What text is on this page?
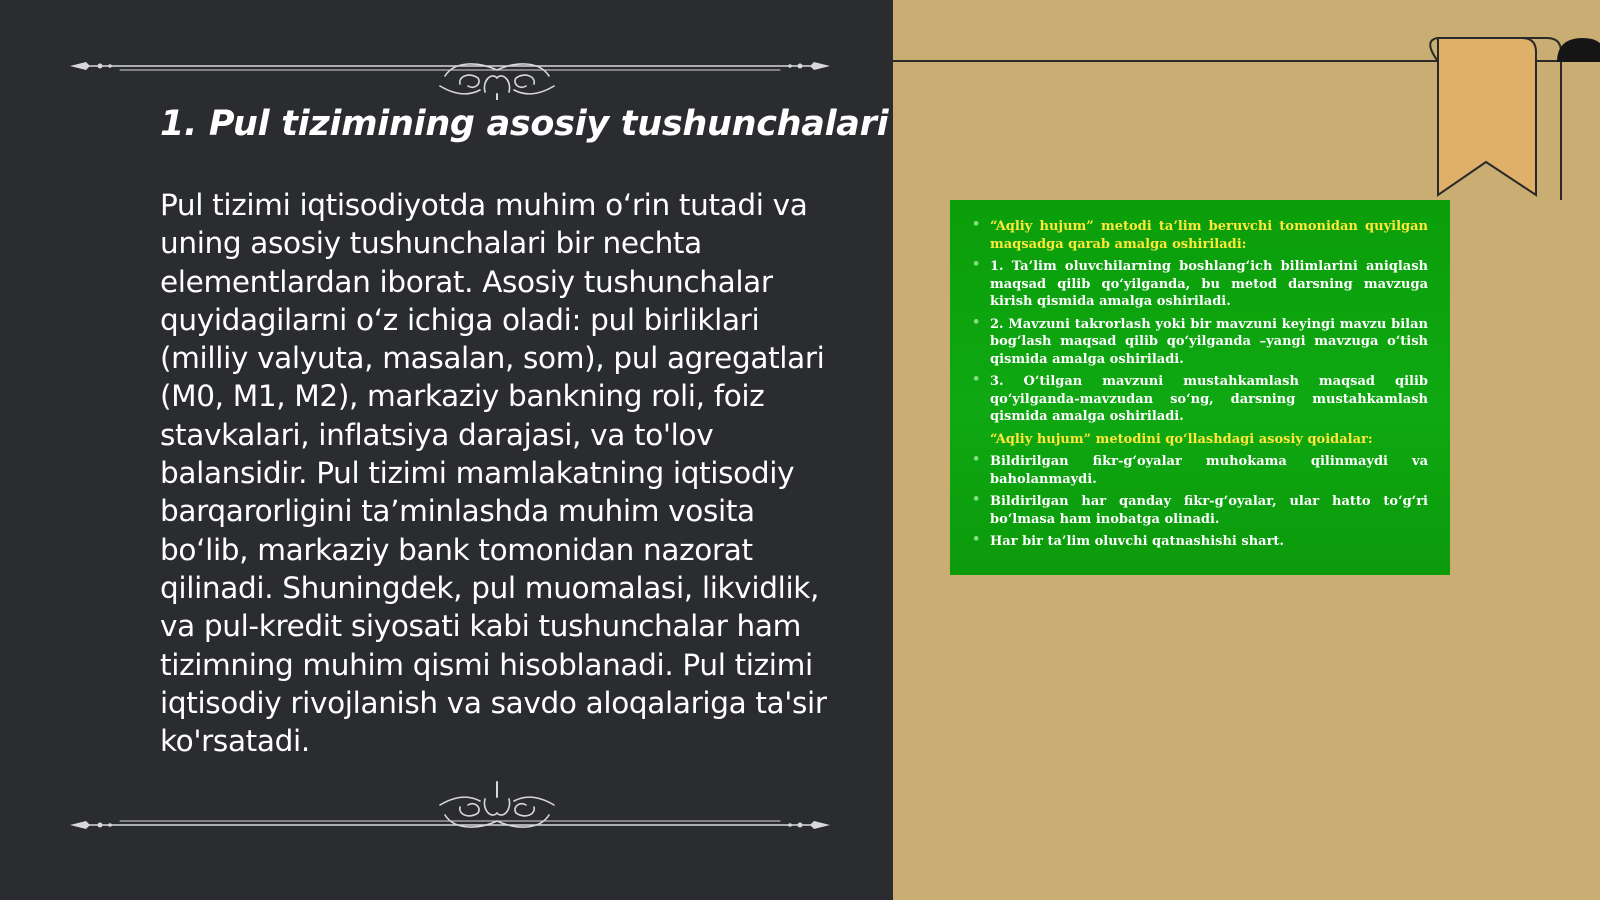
1. Pul tizimining asosiy tushunchalari

Pul tizimi iqtisodiyotda muhim o‘rin tutadi va uning asosiy tushunchalari bir nechta elementlardan iborat. Asosiy tushunchalar quyidagilarni o‘z ichiga oladi: pul birliklari (milliy valyuta, masalan, som), pul agregatlari (M0, M1, M2), markaziy bankning roli, foiz stavkalari, inflatsiya darajasi, va to'lov balansidir. Pul tizimi mamlakatning iqtisodiy barqarorligini ta’minlashda muhim vosita bo‘lib, markaziy bank tomonidan nazorat qilinadi. Shuningdek, pul muomalasi, likvidlik, va pul-kredit siyosati kabi tushunchalar ham tizimning muhim qismi hisoblanadi. Pul tizimi iqtisodiy rivojlanish va savdo aloqalariga ta'sir ko'rsatadi.

• “Aqliy hujum” metodi ta’lim beruvchi tomonidan quyilgan maqsadga qarab amalga oshiriladi:
• 1. Ta’lim oluvchilarning boshlang‘ich bilimlarini aniqlash maqsad qilib qo‘yilganda, bu metod darsning mavzuga kirish qismida amalga oshiriladi.
• 2. Mavzuni takrorlash yoki bir mavzuni keyingi mavzu bilan bog‘lash maqsad qilib qo‘yilganda –yangi mavzuga o‘tish qismida amalga oshiriladi.
• 3. O‘tilgan mavzuni mustahkamlash maqsad qilib qo‘yilganda-mavzudan so‘ng, darsning mustahkamlash qismida amalga oshiriladi.
“Aqliy hujum” metodini qo‘llashdagi asosiy qoidalar:
• Bildirilgan fikr-g‘oyalar muhokama qilinmaydi va baholanmaydi.
• Bildirilgan har qanday fikr-g‘oyalar, ular hatto to‘g‘ri bo‘lmasa ham inobatga olinadi.
• Har bir ta’lim oluvchi qatnashishi shart.
